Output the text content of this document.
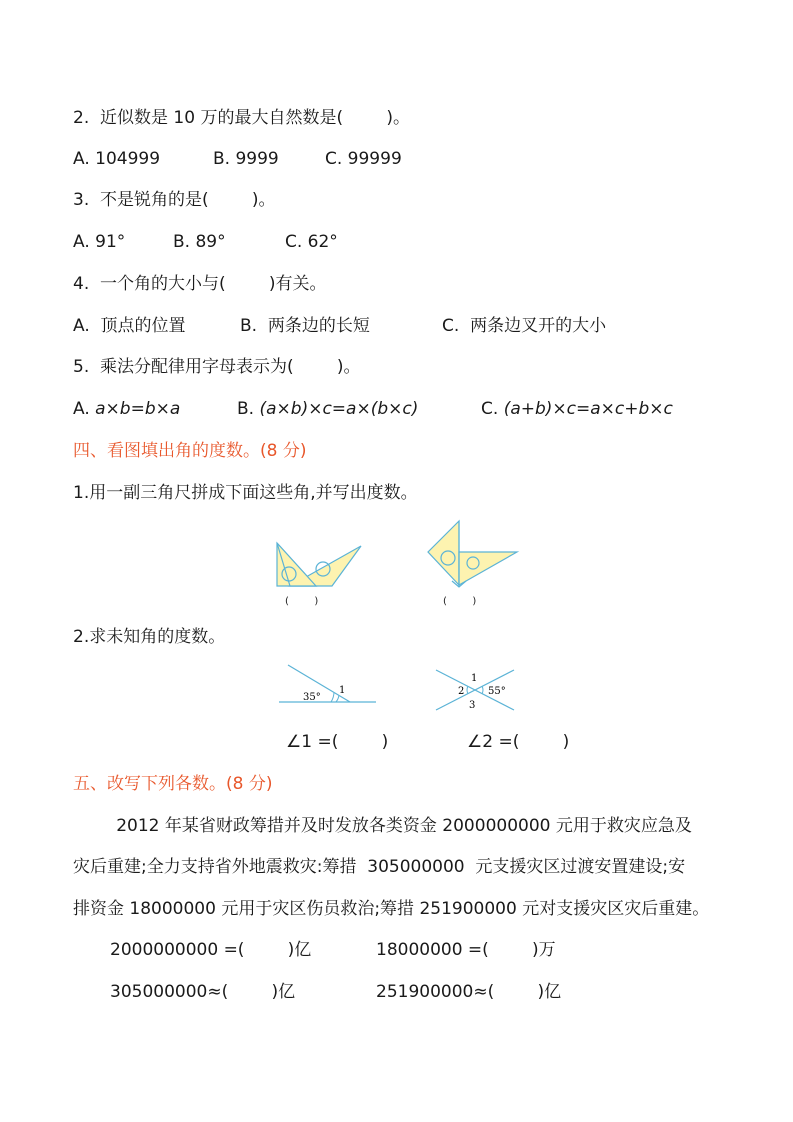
2.  近似数是 10 万的最大自然数是(        )。
A. 104999	B. 9999	C. 99999
3.  不是锐角的是(        )。
A. 91°	B. 89°	C. 62°
4.  一个角的大小与(        )有关。
A.  顶点的位置	B.  两条边的长短	C.  两条边叉开的大小
5.  乘法分配律用字母表示为(        )。
A. a×b=b×a	B. (a×b)×c=a×(b×c)	C. (a+b)×c=a×c+b×c
四、看图填出角的度数。(8 分)
1.用一副三角尺拼成下面这些角,并写出度数。
(        )	(        )
2.求未知角的度数。
35°
1
1
2
3
55°
∠1 =(        )	∠2 =(        )
五、改写下列各数。(8 分)
2012 年某省财政筹措并及时发放各类资金 2000000000 元用于救灾应急及
灾后重建;全力支持省外地震救灾:筹措  305000000  元支援灾区过渡安置建设;安
排资金 18000000 元用于灾区伤员救治;筹措 251900000 元对支援灾区灾后重建。
2000000000 =(        )亿	18000000 =(        )万
305000000≈(        )亿	251900000≈(        )亿
